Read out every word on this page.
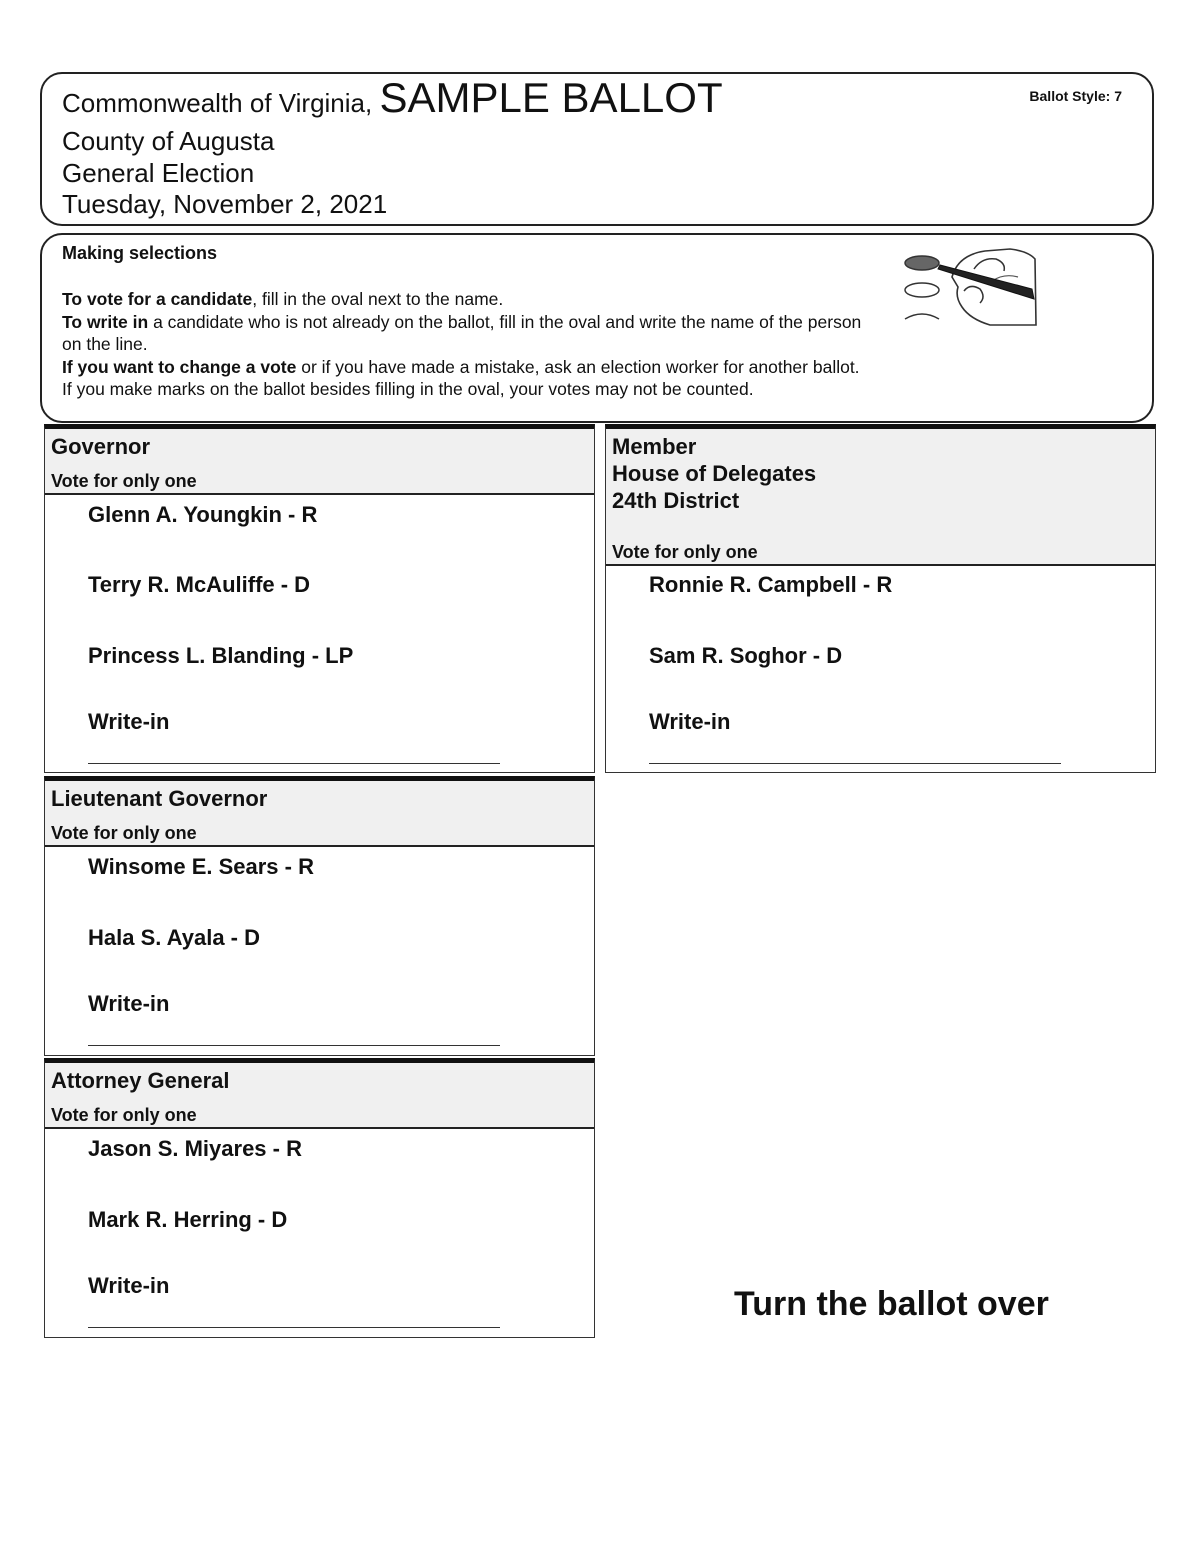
Commonwealth of Virginia, SAMPLE BALLOT	Ballot Style: 7
County of Augusta
General Election
Tuesday, November 2, 2021
Making selections

To vote for a candidate, fill in the oval next to the name.

To write in a candidate who is not already on the ballot, fill in the oval and write the name of the person on the line.

If you want to change a vote or if you have made a mistake, ask an election worker for another ballot.

If you make marks on the ballot besides filling in the oval, your votes may not be counted.

Governor
Vote for only one
Glenn A. Youngkin - R
Terry R. McAuliffe - D
Princess L. Blanding - LP
Write-in
Member
House of Delegates
24th District
Vote for only one
Ronnie R. Campbell - R
Sam R. Soghor - D
Write-in
Lieutenant Governor
Vote for only one
Winsome E. Sears - R
Hala S. Ayala - D
Write-in
Attorney General
Vote for only one
Jason S. Miyares - R
Mark R. Herring - D
Write-in	Turn the ballot over
